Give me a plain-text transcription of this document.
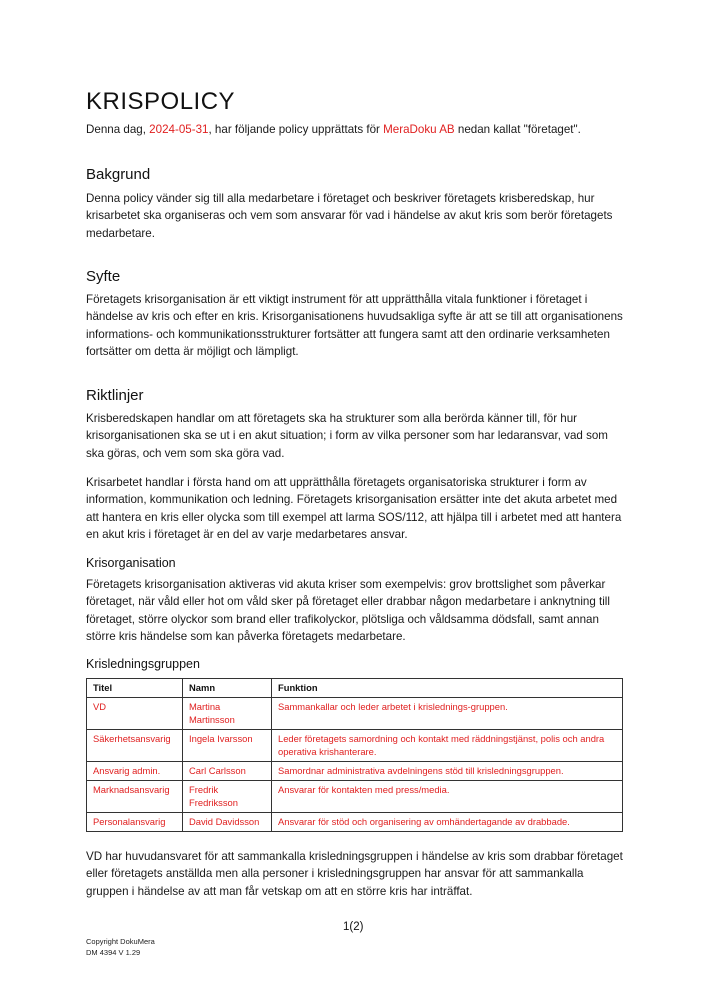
KRISPOLICY
Denna dag, 2024-05-31, har följande policy upprättats för MeraDoku AB nedan kallat "företaget".
Bakgrund

Denna policy vänder sig till alla medarbetare i företaget och beskriver företagets krisberedskap, hur krisarbetet ska organiseras och vem som ansvarar för vad i händelse av akut kris som berör företagets medarbetare.

Syfte

Företagets krisorganisation är ett viktigt instrument för att upprätthålla vitala funktioner i företaget i händelse av kris och efter en kris. Krisorganisationens huvudsakliga syfte är att se till att organisationens informations- och kommunikationsstrukturer fortsätter att fungera samt att den ordinarie verksamheten fortsätter om detta är möjligt och lämpligt.

Riktlinjer

Krisberedskapen handlar om att företagets ska ha strukturer som alla berörda känner till, för hur krisorganisationen ska se ut i en akut situation; i form av vilka personer som har ledaransvar, vad som ska göras, och vem som ska göra vad.

Krisarbetet handlar i första hand om att upprätthålla företagets organisatoriska strukturer i form av information, kommunikation och ledning. Företagets krisorganisation ersätter inte det akuta arbetet med att hantera en kris eller olycka som till exempel att larma SOS/112, att hjälpa till i arbetet med att hantera en akut kris i företaget är en del av varje medarbetares ansvar.

Krisorganisation

Företagets krisorganisation aktiveras vid akuta kriser som exempelvis: grov brottslighet som påverkar företaget, när våld eller hot om våld sker på företaget eller drabbar någon medarbetare i anknytning till företaget, större olyckor som brand eller trafikolyckor, plötsliga och våldsamma dödsfall, samt annan större kris händelse som kan påverka företagets medarbetare.

Krisledningsgruppen
Titel	Namn	Funktion
VD	Martina Martinsson	Sammankallar och leder arbetet i krislednings-gruppen.
Säkerhetsansvarig	Ingela Ivarsson	Leder företagets samordning och kontakt med räddningstjänst, polis och andra operativa krishanterare.
Ansvarig admin.	Carl Carlsson	Samordnar administrativa avdelningens stöd till krisledningsgruppen.
Marknadsansvarig	Fredrik Fredriksson	Ansvarar för kontakten med press/media.
Personalansvarig	David Davidsson	Ansvarar för stöd och organisering av omhändertagande av drabbade.

VD har huvudansvaret för att sammankalla krisledningsgruppen i händelse av kris som drabbar företaget eller företagets anställda men alla personer i krisledningsgruppen har ansvar för att sammankalla gruppen i händelse av att man får vetskap om att en större kris har inträffat.

1(2)
Copyright DokuMera
DM 4394 V 1.29
